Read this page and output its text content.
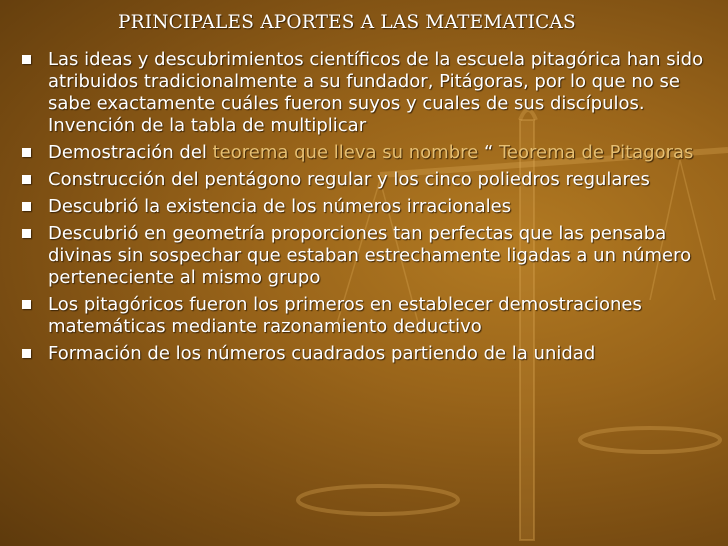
PRINCIPALES APORTES A LAS MATEMATICAS
Las ideas y descubrimientos científicos de la escuela pitagórica han sido atribuidos tradicionalmente a su fundador, Pitágoras, por lo que no se sabe exactamente cuáles fueron suyos y cuales de sus discípulos.
Invención de la tabla de multiplicar
Demostración del teorema que lleva su nombre “ Teorema de Pitagoras
Construcción del pentágono regular y los cinco poliedros regulares
Descubrió la existencia de los números irracionales
Descubrió en geometría proporciones tan perfectas que las pensaba divinas sin sospechar que estaban estrechamente ligadas a un número perteneciente al mismo grupo
Los pitagóricos fueron los primeros en establecer demostraciones matemáticas mediante razonamiento deductivo
Formación de los números cuadrados partiendo de la unidad
